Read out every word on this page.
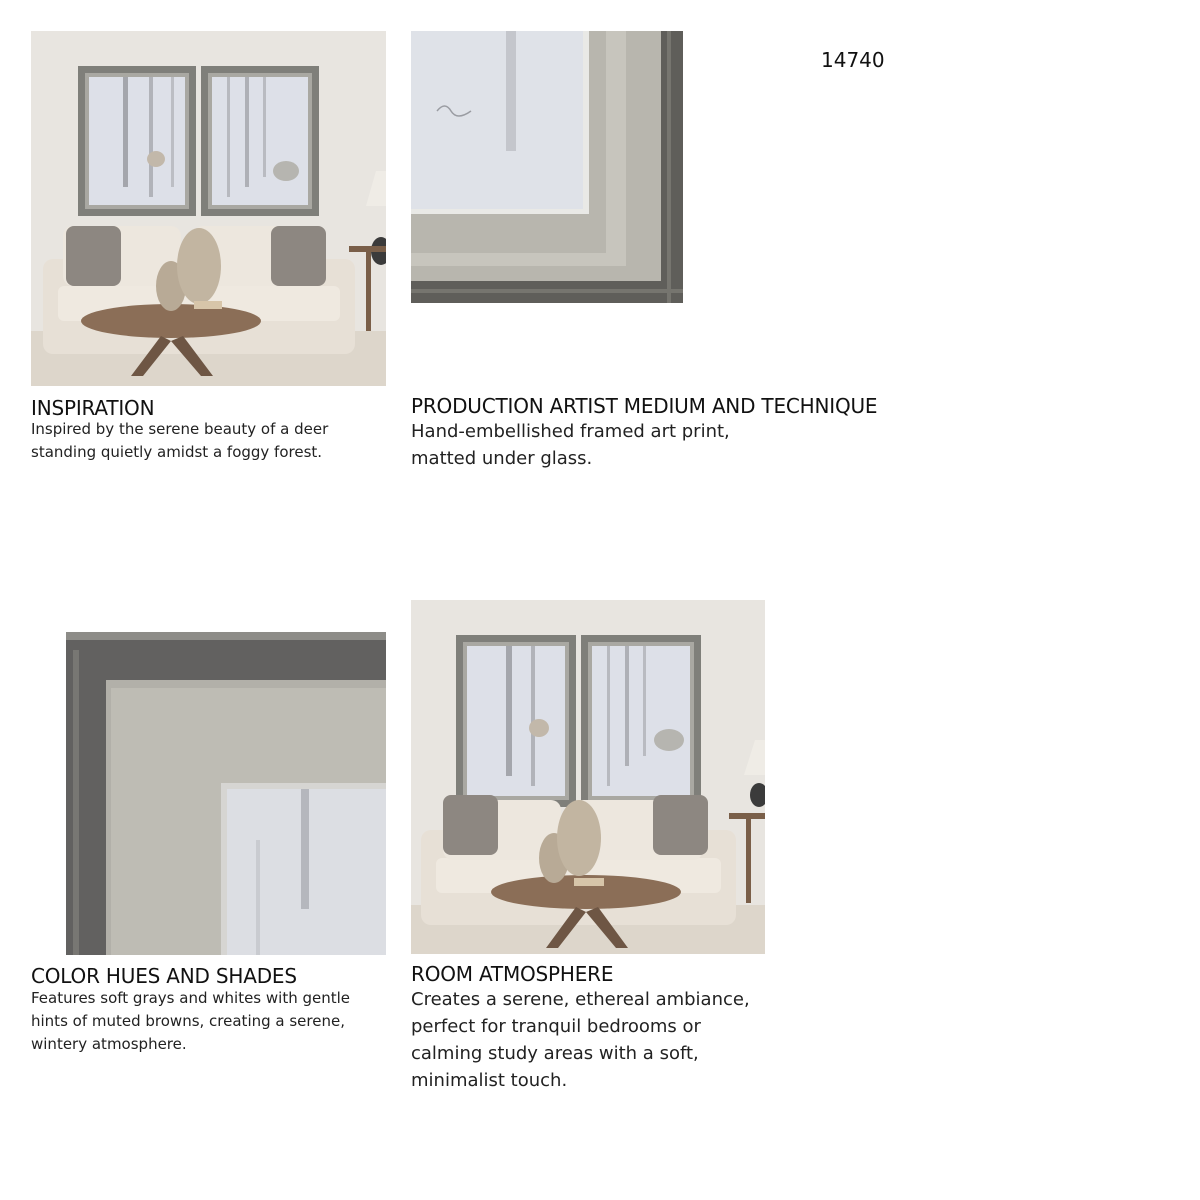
14740
INSPIRATION
Inspired by the serene beauty of a deer
standing quietly amidst a foggy forest.
PRODUCTION ARTIST MEDIUM AND TECHNIQUE
Hand-embellished framed art print,
matted under glass.
COLOR HUES AND SHADES
Features soft grays and whites with gentle
hints of muted browns, creating a serene,
wintery atmosphere.
ROOM ATMOSPHERE
Creates a serene, ethereal ambiance,
perfect for tranquil bedrooms or
calming study areas with a soft,
minimalist touch.
